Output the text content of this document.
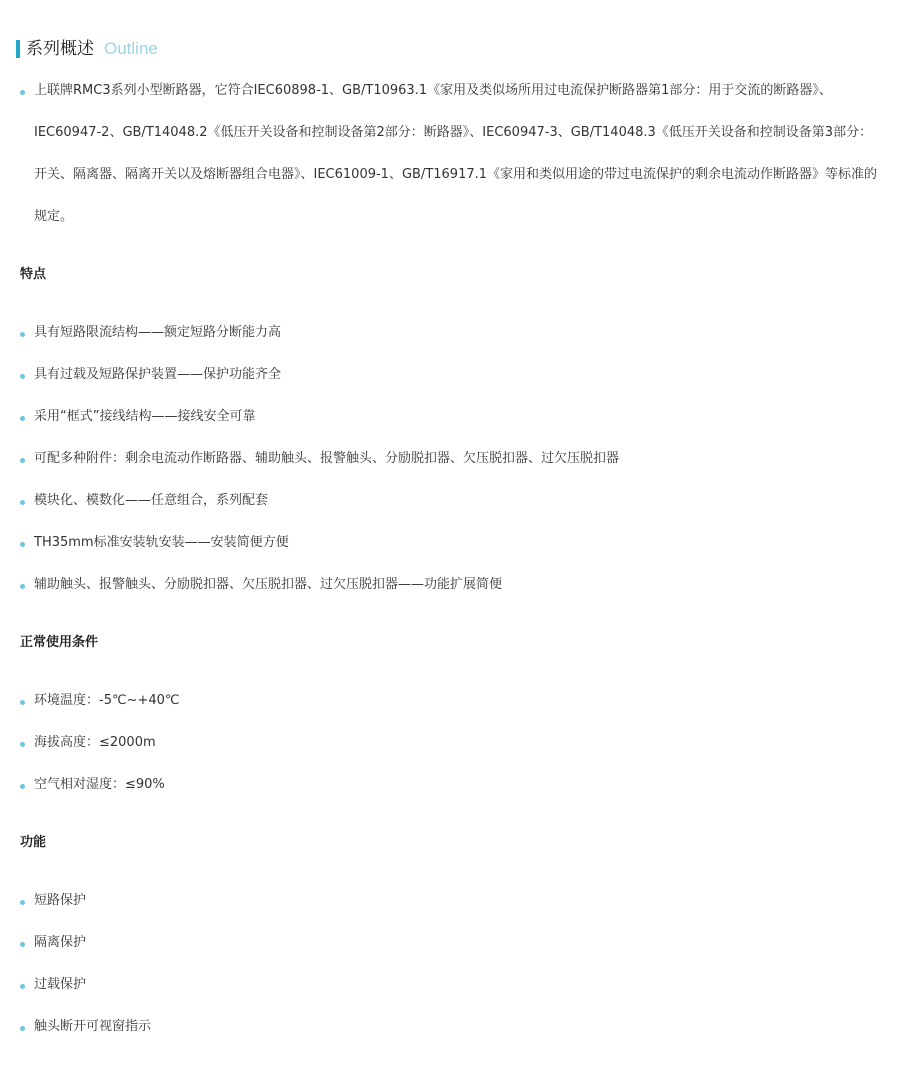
系列概述 Outline
上联牌RMC3系列小型断路器，它符合IEC60898-1、GB/T10963.1《家用及类似场所用过电流保护断路器第1部分：用于交流的断路器》、IEC60947-2、GB/T14048.2《低压开关设备和控制设备第2部分：断路器》、IEC60947-3、GB/T14048.3《低压开关设备和控制设备第3部分：开关、隔离器、隔离开关以及熔断器组合电器》、IEC61009-1、GB/T16917.1《家用和类似用途的带过电流保护的剩余电流动作断路器》等标准的规定。
特点
具有短路限流结构——额定短路分断能力高
具有过载及短路保护装置——保护功能齐全
采用“框式”接线结构——接线安全可靠
可配多种附件：剩余电流动作断路器、辅助触头、报警触头、分励脱扣器、欠压脱扣器、过欠压脱扣器
模块化、模数化——任意组合，系列配套
TH35mm标准安装轨安装——安装简便方便
辅助触头、报警触头、分励脱扣器、欠压脱扣器、过欠压脱扣器——功能扩展简便
正常使用条件
环境温度：-5℃~+40℃
海拔高度：≤2000m
空气相对湿度：≤90%
功能
短路保护
隔离保护
过载保护
触头断开可视窗指示
